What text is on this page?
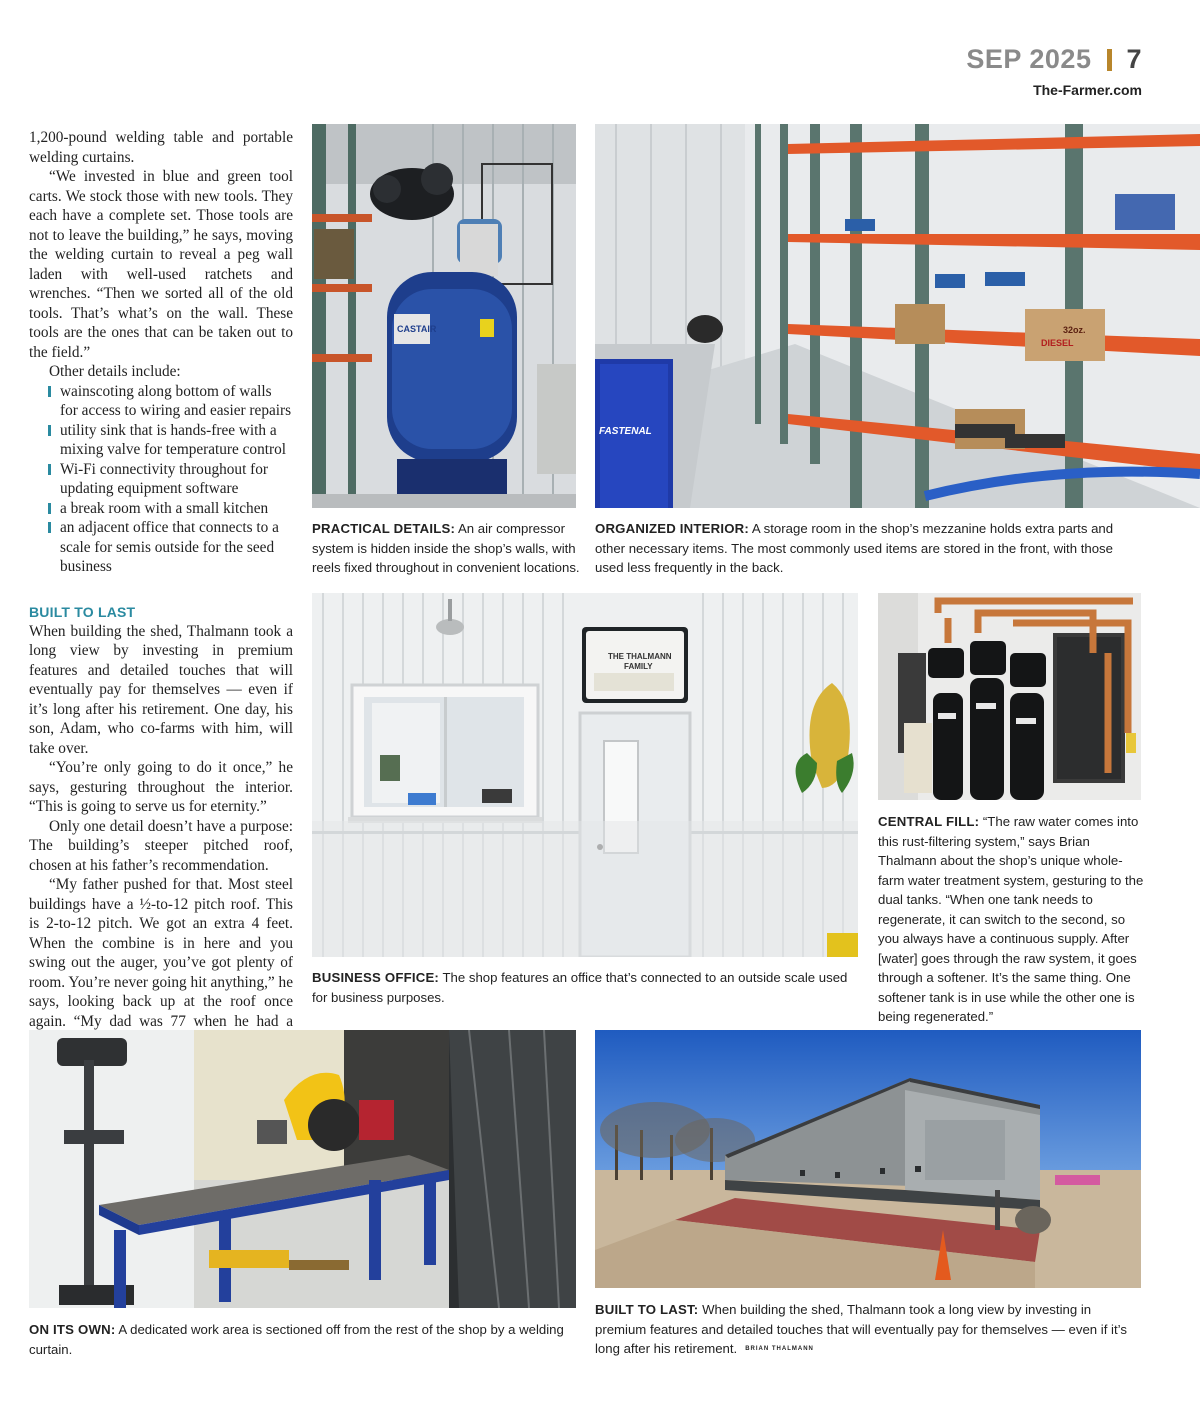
SEP 2025 7
The-Farmer.com

1,200-pound welding table and portable welding curtains.

“We invested in blue and green tool carts. We stock those with new tools. They each have a complete set. Those tools are not to leave the building,” he says, moving the welding curtain to reveal a peg wall laden with well-used ratchets and wrenches. “Then we sorted all of the old tools. That’s what’s on the wall. These tools are the ones that can be taken out to the field.”

Other details include:

wainscoting along bottom of walls for access to wiring and easier repairs
utility sink that is hands-free with a mixing valve for temperature control
Wi-Fi connectivity throughout for updating equipment software
a break room with a small kitchen
an adjacent office that connects to a scale for semis outside for the seed business
BUILT TO LAST

When building the shed, Thalmann took a long view by investing in premium features and detailed touches that will eventually pay for themselves — even if it’s long after his retirement. One day, his son, Adam, who co-farms with him, will take over.

“You’re only going to do it once,” he says, gesturing throughout the interior. “This is going to serve us for eternity.”

Only one detail doesn’t have a purpose: The building’s steeper pitched roof, chosen at his father’s recommendation.

“My father pushed for that. Most steel buildings have a ½-to-12 pitch roof. This is 2-to-12 pitch. We got an extra 4 feet. When the combine is in here and you swing out the auger, you’ve got plenty of room. You’re never going hit anything,” he says, looking back up at the roof once again. “My dad was 77 when he had a

CASTAIR
PRACTICAL DETAILS: An air compressor system is hidden inside the shop’s walls, with reels fixed throughout in convenient locations.
FASTENAL
32oz.
DIESEL
ORGANIZED INTERIOR: A storage room in the shop’s mezzanine holds extra parts and other necessary items. The most commonly used items are stored in the front, with those used less frequently in the back.
THE THALMANN
FAMILY
BUSINESS OFFICE: The shop features an office that’s connected to an outside scale used for business purposes.
CENTRAL FILL: “The raw water comes into this rust-filtering system,” says Brian Thalmann about the shop’s unique whole-farm water treatment system, gesturing to the dual tanks. “When one tank needs to regenerate, it can switch to the second, so you always have a continuous supply. After [water] goes through the raw system, it goes through a softener. It’s the same thing. One softener tank is in use while the other one is being regenerated.”
ON ITS OWN: A dedicated work area is sectioned off from the rest of the shop by a welding curtain.
BUILT TO LAST: When building the shed, Thalmann took a long view by investing in premium features and detailed touches that will eventually pay for themselves — even if it’s long after his retirement. BRIAN THALMANN
